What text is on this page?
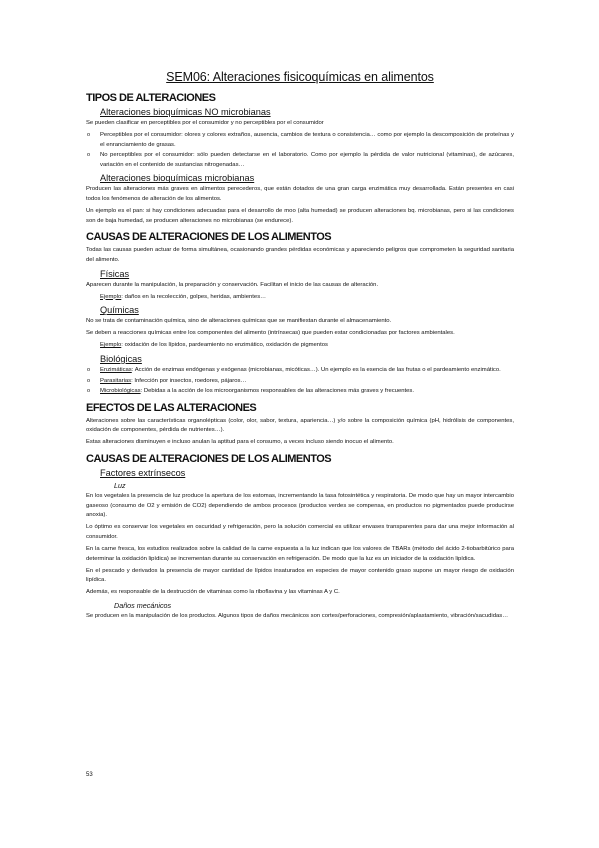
SEM06: Alteraciones fisicoquímicas en alimentos
TIPOS DE ALTERACIONES
Alteraciones bioquímicas NO microbianas
Se pueden clasificar en perceptibles por el consumidor y no perceptibles por el consumidor
o Perceptibles por el consumidor: olores y colores extraños, ausencia, cambios de textura o consistencia… como por ejemplo la descomposición de proteínas y el enranciamiento de grasas.
o No perceptibles por el consumidor: sólo pueden detectarse en el laboratorio. Como por ejemplo la pérdida de valor nutricional (vitaminas), de azúcares, variación en el contenido de sustancias nitrogenadas…
Alteraciones bioquímicas microbianas
Producen las alteraciones más graves en alimentos perecederos, que están dotados de una gran carga enzimática muy desarrollada. Están presentes en casi todos los fenómenos de alteración de los alimentos.
Un ejemplo es el pan: si hay condiciones adecuadas para el desarrollo de moo (alta humedad) se producen alteraciones bq. microbianas, pero si las condiciones son de baja humedad, se producen alteraciones no microbianas (se endurece).
CAUSAS DE ALTERACIONES DE LOS ALIMENTOS
Todas las causas pueden actuar de forma simultánea, ocasionando grandes pérdidas económicas y apareciendo peligros que comprometen la seguridad sanitaria del alimento.
Físicas
Aparecen durante la manipulación, la preparación y conservación. Facilitan el inicio de las causas de alteración.
Ejemplo: daños en la recolección, golpes, heridas, ambientes…
Químicas
No se trata de contaminación química, sino de alteraciones químicas que se manifiestan durante el almacenamiento.
Se deben a reacciones químicas entre los componentes del alimento (intrínsecas) que pueden estar condicionadas por factores ambientales.
Ejemplo: oxidación de los lípidos, pardeamiento no enzimático, oxidación de pigmentos
Biológicas
o Enzimáticas: Acción de enzimas endógenas y exógenas (microbianas, micóticas…). Un ejemplo es la esencia de las frutas o el pardeamiento enzimático.
o Parasitarias: Infección por insectos, roedores, pájaros…
o Microbiológicas: Debidas a la acción de los microorganismos responsables de las alteraciones más graves y frecuentes.
EFECTOS DE LAS ALTERACIONES
Alteraciones sobre las características organolépticas (color, olor, sabor, textura, apariencia…) y/o sobre la composición química (pH, hidrólisis de componentes, oxidación de componentes, pérdida de nutrientes…).
Estas alteraciones disminuyen e incluso anulan la aptitud para el consumo, a veces incluso siendo inocuo el alimento.
CAUSAS DE ALTERACIONES DE LOS ALIMENTOS
Factores extrínsecos
Luz
En los vegetales la presencia de luz produce la apertura de los estomas, incrementando la tasa fotosintética y respiratoria. De modo que hay un mayor intercambio gaseoso (consumo de O2 y emisión de CO2) dependiendo de ambos procesos (productos verdes se compensa, en productos no pigmentados puede producirse anoxia).
Lo óptimo es conservar los vegetales en oscuridad y refrigeración, pero la solución comercial es utilizar envases transparentes para dar una mejor información al consumidor.
En la carne fresca, los estudios realizados sobre la calidad de la carne expuesta a la luz indican que los valores de TBARs (método del ácido 2-tiobarbitúrico para determinar la oxidación lipídica) se incrementan durante su conservación en refrigeración. De modo que la luz es un iniciador de la oxidación lipídica.
En el pescado y derivados la presencia de mayor cantidad de lípidos insaturados en especies de mayor contenido graso supone un mayor riesgo de oxidación lipídica.
Además, es responsable de la destrucción de vitaminas como la riboflavina y las vitaminas A y C.
Daños mecánicos
Se producen en la manipulación de los productos. Algunos tipos de daños mecánicos son cortes/perforaciones, compresión/aplastamiento, vibración/sacudidas…
53
